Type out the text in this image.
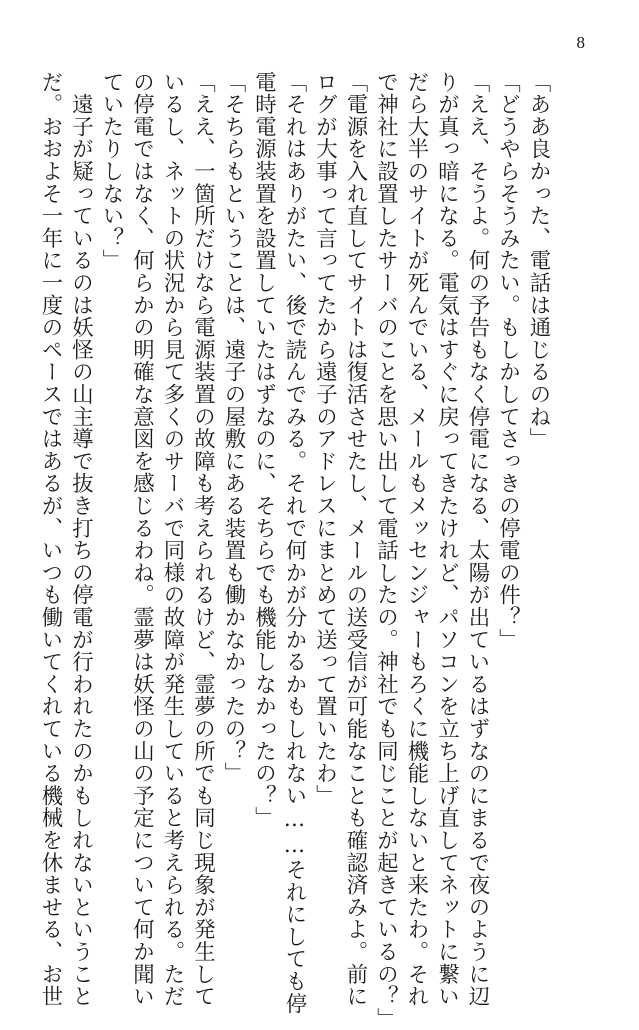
8
「ああ良かった、電話は通じるのね」
「どうやらそうみたい。もしかしてさっきの停電の件？」
「ええ、そうよ。何の予告もなく停電になる、太陽が出ているはずなのにまるで夜のように辺
りが真っ暗になる。電気はすぐに戻ってきたけれど、パソコンを立ち上げ直してネットに繋い
だら大半のサイトが死んでいる、メールもメッセンジャーもろくに機能しないと来たわ。それ
で神社に設置したサーバのことを思い出して電話したの。神社でも同じことが起きているの？」
「電源を入れ直してサイトは復活させたし、メールの送受信が可能なことも確認済みよ。前に
ログが大事って言ってたから遠子のアドレスにまとめて送って置いたわ」
「それはありがたい、後で読んでみる。それで何かが分かるかもしれない……それにしても停
電時電源装置を設置していたはずなのに、そちらでも機能しなかったの？」
「そちらもということは、遠子の屋敷にある装置も働かなかったの？」
「ええ、一箇所だけなら電源装置の故障も考えられるけど、霊夢の所でも同じ現象が発生して
いるし、ネットの状況から見て多くのサーバで同様の故障が発生していると考えられる。ただ
の停電ではなく、何らかの明確な意図を感じるわね。霊夢は妖怪の山の予定について何か聞い
ていたりしない？」
　遠子が疑っているのは妖怪の山主導で抜き打ちの停電が行われたのかもしれないということ
だ。おおよそ一年に一度のペースではあるが、いつも働いてくれている機械を休ませる、お世
